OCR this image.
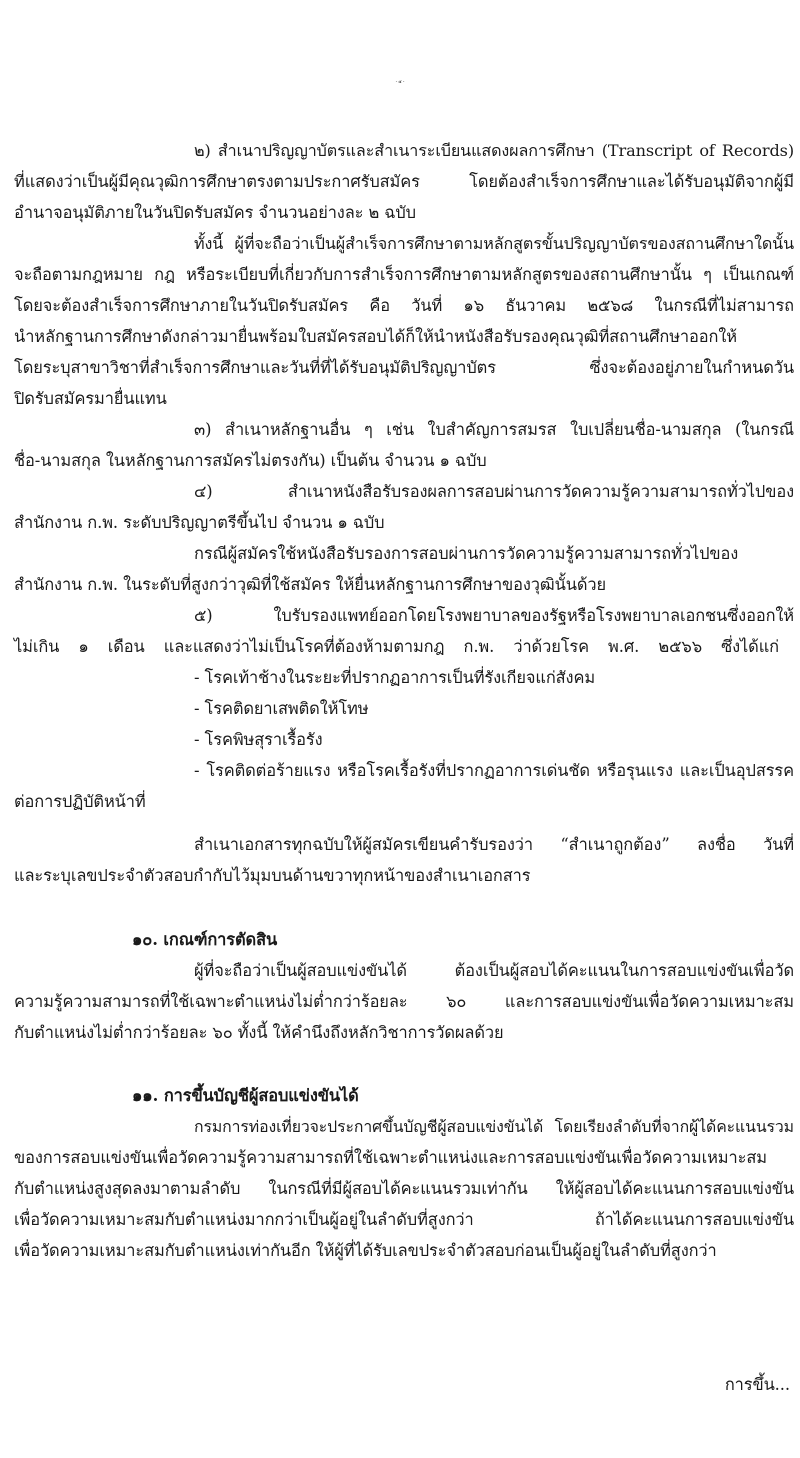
- ๕ -
๒) สำเนาปริญญาบัตรและสำเนาระเบียนแสดงผลการศึกษา (Transcript of Records)
ที่แสดงว่าเป็นผู้มีคุณวุฒิการศึกษาตรงตามประกาศรับสมัคร โดยต้องสำเร็จการศึกษาและได้รับอนุมัติจากผู้มี
อำนาจอนุมัติภายในวันปิดรับสมัคร จำนวนอย่างละ ๒ ฉบับ
ทั้งนี้ ผู้ที่จะถือว่าเป็นผู้สำเร็จการศึกษาตามหลักสูตรขั้นปริญญาบัตรของสถานศึกษาใดนั้น
จะถือตามกฎหมาย กฎ หรือระเบียบที่เกี่ยวกับการสำเร็จการศึกษาตามหลักสูตรของสถานศึกษานั้น ๆ เป็นเกณฑ์
โดยจะต้องสำเร็จการศึกษาภายในวันปิดรับสมัคร คือ วันที่ ๑๖ ธันวาคม ๒๕๖๘ ในกรณีที่ไม่สามารถ
นำหลักฐานการศึกษาดังกล่าวมายื่นพร้อมใบสมัครสอบได้ก็ให้นำหนังสือรับรองคุณวุฒิที่สถานศึกษาออกให้
โดยระบุสาขาวิชาที่สำเร็จการศึกษาและวันที่ที่ได้รับอนุมัติปริญญาบัตร ซึ่งจะต้องอยู่ภายในกำหนดวัน
ปิดรับสมัครมายื่นแทน
๓) สำเนาหลักฐานอื่น ๆ เช่น ใบสำคัญการสมรส ใบเปลี่ยนชื่อ-นามสกุล (ในกรณี
ชื่อ-นามสกุล ในหลักฐานการสมัครไม่ตรงกัน) เป็นต้น จำนวน ๑ ฉบับ
๔) สำเนาหนังสือรับรองผลการสอบผ่านการวัดความรู้ความสามารถทั่วไปของ
สำนักงาน ก.พ. ระดับปริญญาตรีขึ้นไป จำนวน ๑ ฉบับ
กรณีผู้สมัครใช้หนังสือรับรองการสอบผ่านการวัดความรู้ความสามารถทั่วไปของ
สำนักงาน ก.พ. ในระดับที่สูงกว่าวุฒิที่ใช้สมัคร ให้ยื่นหลักฐานการศึกษาของวุฒินั้นด้วย
๕) ใบรับรองแพทย์ออกโดยโรงพยาบาลของรัฐหรือโรงพยาบาลเอกชนซึ่งออกให้
ไม่เกิน ๑ เดือน และแสดงว่าไม่เป็นโรคที่ต้องห้ามตามกฎ ก.พ. ว่าด้วยโรค พ.ศ. ๒๕๖๖ ซึ่งได้แก่
- โรคเท้าช้างในระยะที่ปรากฏอาการเป็นที่รังเกียจแก่สังคม
- โรคติดยาเสพติดให้โทษ
- โรคพิษสุราเรื้อรัง
- โรคติดต่อร้ายแรง หรือโรคเรื้อรังที่ปรากฏอาการเด่นชัด หรือรุนแรง และเป็นอุปสรรค
ต่อการปฏิบัติหน้าที่
สำเนาเอกสารทุกฉบับให้ผู้สมัครเขียนคำรับรองว่า “สำเนาถูกต้อง” ลงชื่อ วันที่
และระบุเลขประจำตัวสอบกำกับไว้มุมบนด้านขวาทุกหน้าของสำเนาเอกสาร
๑๐. เกณฑ์การตัดสิน
ผู้ที่จะถือว่าเป็นผู้สอบแข่งขันได้ ต้องเป็นผู้สอบได้คะแนนในการสอบแข่งขันเพื่อวัด
ความรู้ความสามารถที่ใช้เฉพาะตำแหน่งไม่ต่ำกว่าร้อยละ ๖๐ และการสอบแข่งขันเพื่อวัดความเหมาะสม
กับตำแหน่งไม่ต่ำกว่าร้อยละ ๖๐ ทั้งนี้ ให้คำนึงถึงหลักวิชาการวัดผลด้วย
๑๑. การขึ้นบัญชีผู้สอบแข่งขันได้
กรมการท่องเที่ยวจะประกาศขึ้นบัญชีผู้สอบแข่งขันได้ โดยเรียงลำดับที่จากผู้ได้คะแนนรวม
ของการสอบแข่งขันเพื่อวัดความรู้ความสามารถที่ใช้เฉพาะตำแหน่งและการสอบแข่งขันเพื่อวัดความเหมาะสม
กับตำแหน่งสูงสุดลงมาตามลำดับ ในกรณีที่มีผู้สอบได้คะแนนรวมเท่ากัน ให้ผู้สอบได้คะแนนการสอบแข่งขัน
เพื่อวัดความเหมาะสมกับตำแหน่งมากกว่าเป็นผู้อยู่ในลำดับที่สูงกว่า ถ้าได้คะแนนการสอบแข่งขัน
เพื่อวัดความเหมาะสมกับตำแหน่งเท่ากันอีก ให้ผู้ที่ได้รับเลขประจำตัวสอบก่อนเป็นผู้อยู่ในลำดับที่สูงกว่า
การขึ้น...
